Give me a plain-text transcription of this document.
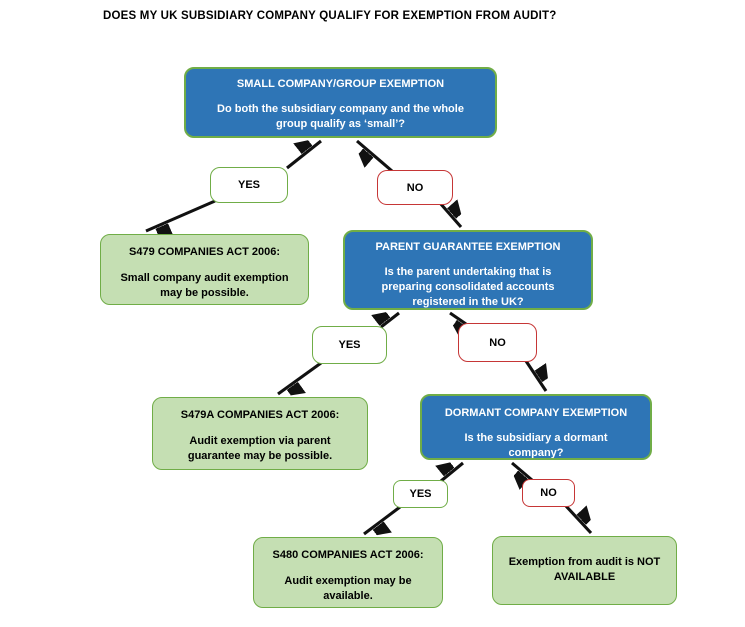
DOES MY UK SUBSIDIARY COMPANY QUALIFY FOR EXEMPTION FROM AUDIT?
SMALL COMPANY/GROUP EXEMPTION
Do both the subsidiary company and the whole group qualify as ‘small’?
PARENT GUARANTEE EXEMPTION
Is the parent undertaking that is preparing consolidated accounts registered in the UK?
DORMANT COMPANY EXEMPTION
Is the subsidiary a dormant company?
YES	NO
YES	NO
YES	NO
S479 COMPANIES ACT 2006:
Small company audit exemption may be possible.
S479A COMPANIES ACT 2006:
Audit exemption via parent guarantee may be possible.
S480 COMPANIES ACT 2006:
Audit exemption may be available.
Exemption from audit is NOT AVAILABLE
